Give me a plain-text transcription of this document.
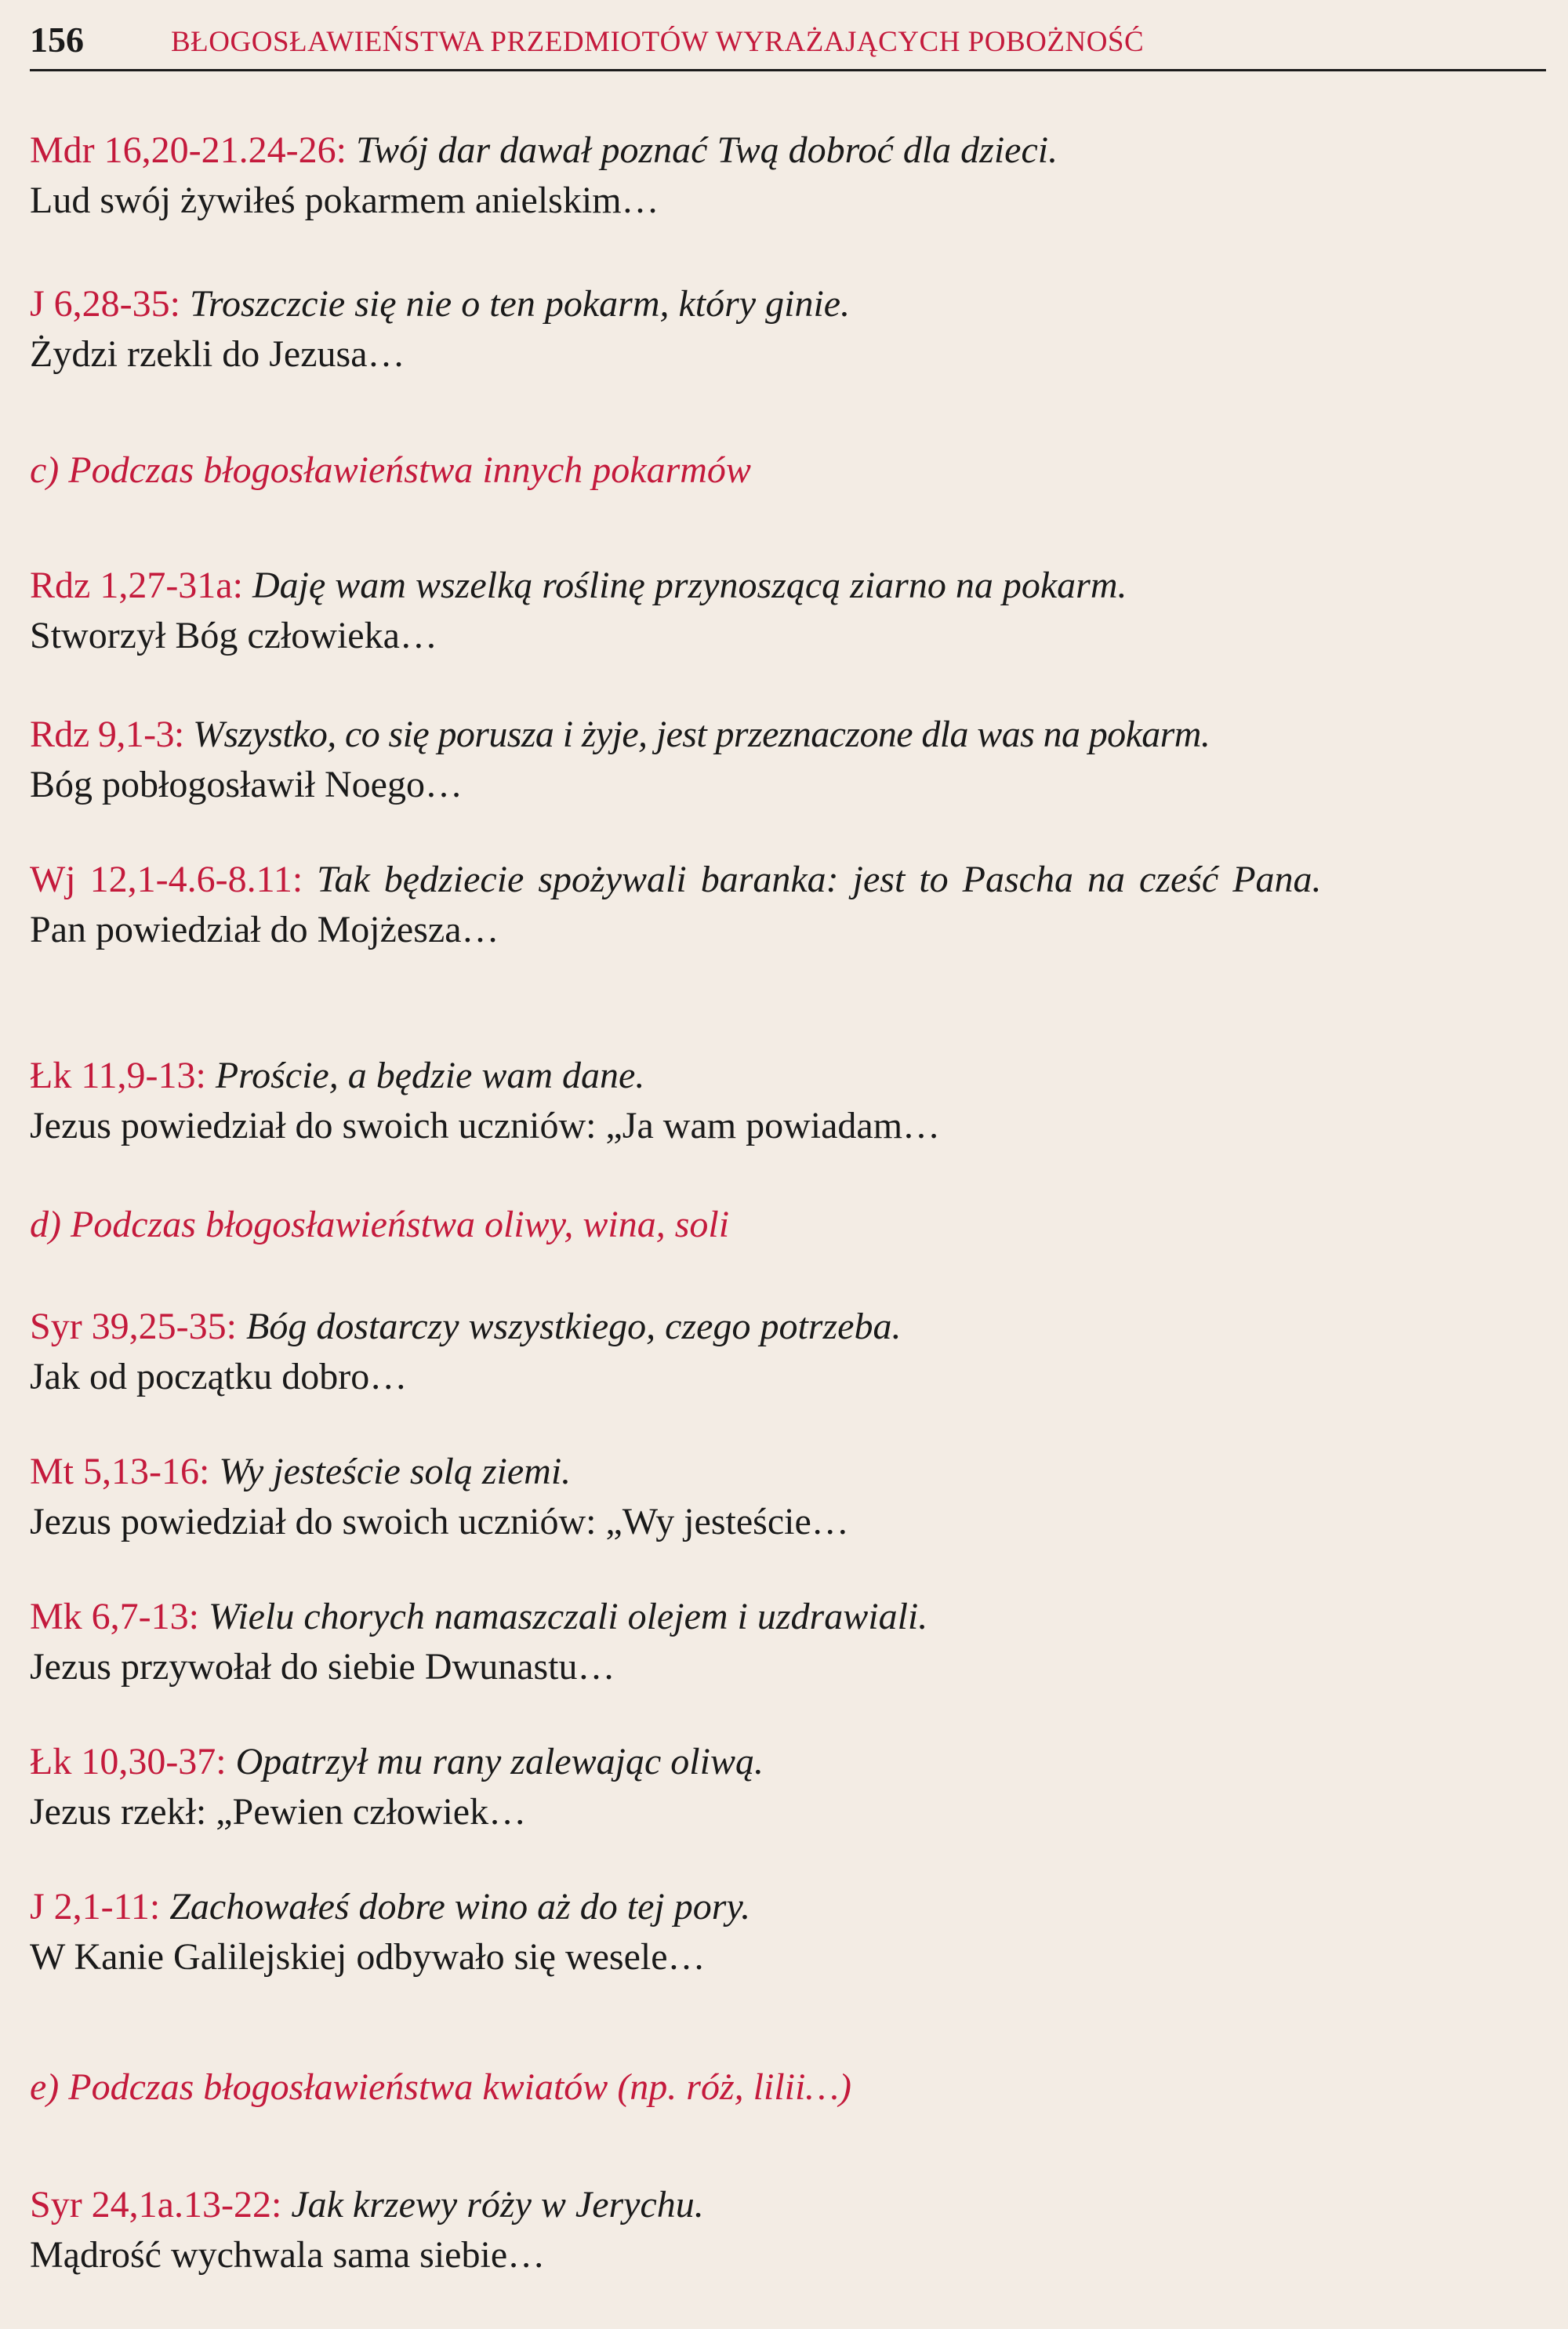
156	BŁOGOSŁAWIEŃSTWA PRZEDMIOTÓW WYRAŻAJĄCYCH POBOŻNOŚĆ
Mdr 16,20-21.24-26: Twój dar dawał poznać Twą dobroć dla dzieci.
Lud swój żywiłeś pokarmem anielskim…
J 6,28-35: Troszczcie się nie o ten pokarm, który ginie.
Żydzi rzekli do Jezusa…
c) Podczas błogosławieństwa innych pokarmów
Rdz 1,27-31a: Daję wam wszelką roślinę przynoszącą ziarno na pokarm.
Stworzył Bóg człowieka…
Rdz 9,1-3: Wszystko, co się porusza i żyje, jest przeznaczone dla was na pokarm.
Bóg pobłogosławił Noego…
Wj 12,1-4.6-8.11: Tak będziecie spożywali baranka: jest to Pascha na cześć Pana.
Pan powiedział do Mojżesza…
Łk 11,9-13: Proście, a będzie wam dane.
Jezus powiedział do swoich uczniów: „Ja wam powiadam…
d) Podczas błogosławieństwa oliwy, wina, soli
Syr 39,25-35: Bóg dostarczy wszystkiego, czego potrzeba.
Jak od początku dobro…
Mt 5,13-16: Wy jesteście solą ziemi.
Jezus powiedział do swoich uczniów: „Wy jesteście…
Mk 6,7-13: Wielu chorych namaszczali olejem i uzdrawiali.
Jezus przywołał do siebie Dwunastu…
Łk 10,30-37: Opatrzył mu rany zalewając oliwą.
Jezus rzekł: „Pewien człowiek…
J 2,1-11: Zachowałeś dobre wino aż do tej pory.
W Kanie Galilejskiej odbywało się wesele…
e) Podczas błogosławieństwa kwiatów (np. róż, lilii…)
Syr 24,1a.13-22: Jak krzewy róży w Jerychu.
Mądrość wychwala sama siebie…
